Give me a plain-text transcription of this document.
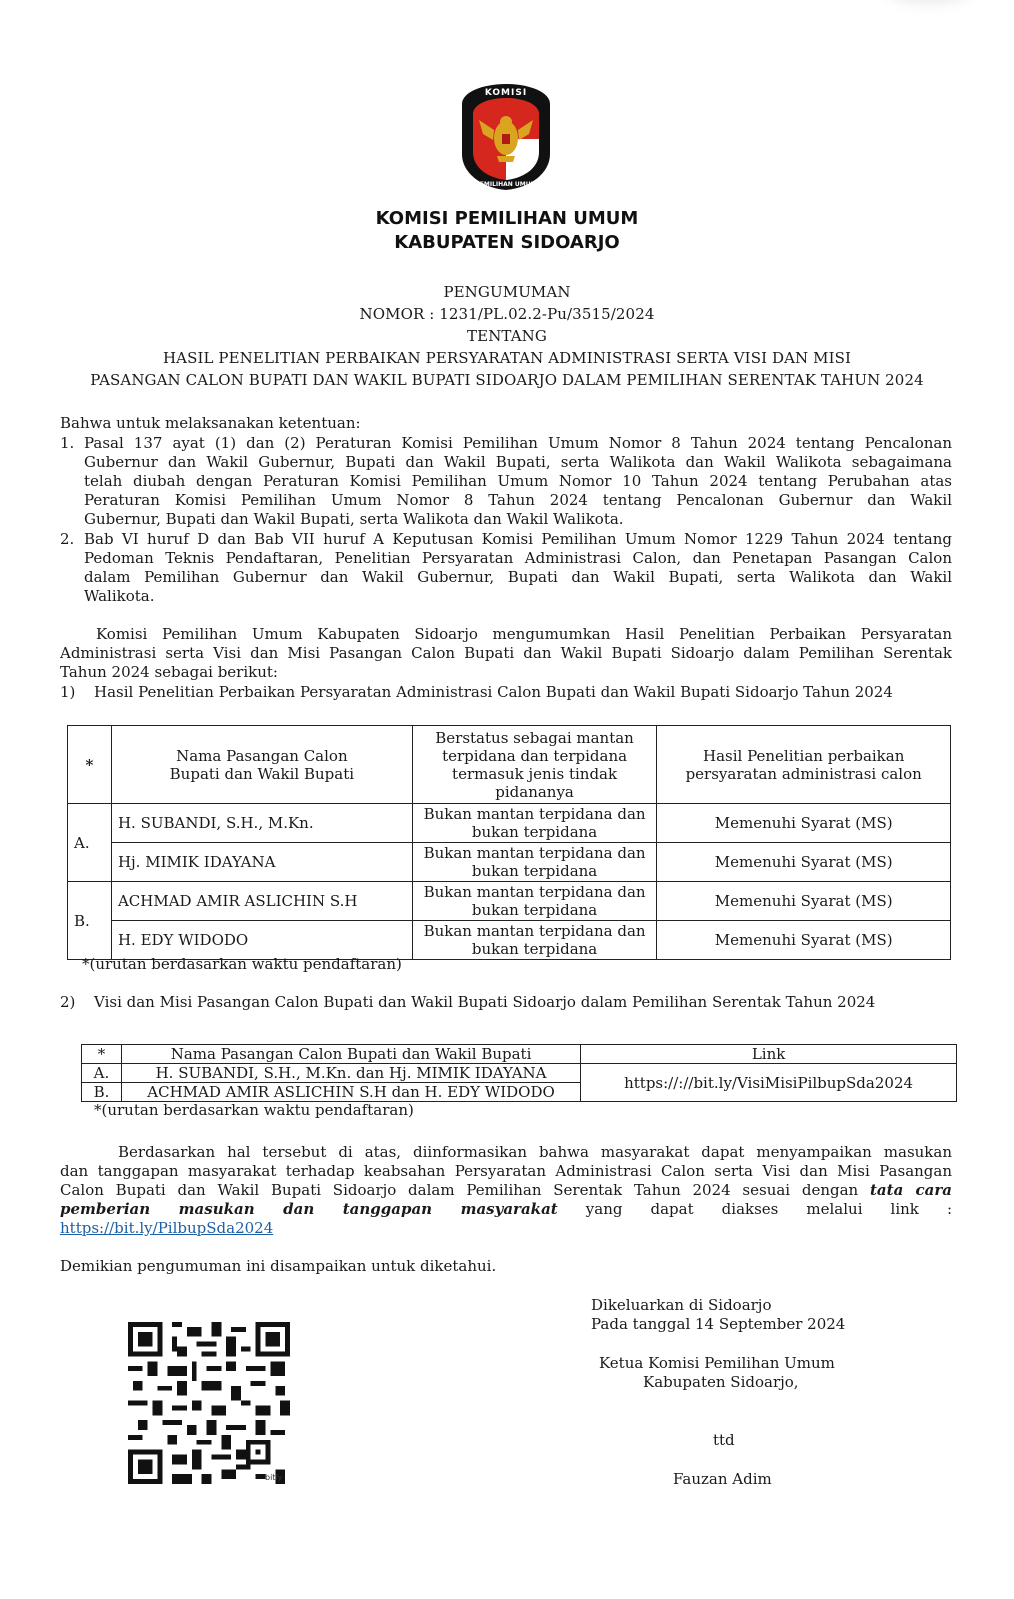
KOMISI
PEMILIHAN UMUM
KOMISI PEMILIHAN UMUM
KABUPATEN SIDOARJO
PENGUMUMAN
NOMOR : 1231/PL.02.2-Pu/3515/2024
TENTANG
HASIL PENELITIAN PERBAIKAN PERSYARATAN ADMINISTRASI SERTA VISI DAN MISI
PASANGAN CALON BUPATI DAN WAKIL BUPATI SIDOARJO DALAM PEMILIHAN SERENTAK TAHUN 2024
Bahwa untuk melaksanakan ketentuan:
1. Pasal 137 ayat (1) dan (2) Peraturan Komisi Pemilihan Umum Nomor 8 Tahun 2024 tentang Pencalonan
Gubernur dan Wakil Gubernur, Bupati dan Wakil Bupati, serta Walikota dan Wakil Walikota sebagaimana
telah diubah dengan Peraturan Komisi Pemilihan Umum Nomor 10 Tahun 2024 tentang Perubahan atas
Peraturan Komisi Pemilihan Umum Nomor 8 Tahun 2024 tentang Pencalonan Gubernur dan Wakil
Gubernur, Bupati dan Wakil Bupati, serta Walikota dan Wakil Walikota.
2. Bab VI huruf D dan Bab VII huruf A Keputusan Komisi Pemilihan Umum Nomor 1229 Tahun 2024 tentang
Pedoman Teknis Pendaftaran, Penelitian Persyaratan Administrasi Calon, dan Penetapan Pasangan Calon
dalam Pemilihan Gubernur dan Wakil Gubernur, Bupati dan Wakil Bupati, serta Walikota dan Wakil
Walikota.
Komisi Pemilihan Umum Kabupaten Sidoarjo mengumumkan Hasil Penelitian Perbaikan Persyaratan
Administrasi serta Visi dan Misi Pasangan Calon Bupati dan Wakil Bupati Sidoarjo dalam Pemilihan Serentak
Tahun 2024 sebagai berikut:
1) Hasil Penelitian Perbaikan Persyaratan Administrasi Calon Bupati dan Wakil Bupati Sidoarjo Tahun 2024
*	Nama Pasangan Calon Bupati dan Wakil Bupati	Berstatus sebagai mantan terpidana dan terpidana termasuk jenis tindak pidananya	Hasil Penelitian perbaikan persyaratan administrasi calon
A.	H. SUBANDI, S.H., M.Kn.	Bukan mantan terpidana dan bukan terpidana	Memenuhi Syarat (MS)
	Hj. MIMIK IDAYANA	Bukan mantan terpidana dan bukan terpidana	Memenuhi Syarat (MS)
B.	ACHMAD AMIR ASLICHIN S.H	Bukan mantan terpidana dan bukan terpidana	Memenuhi Syarat (MS)
	H. EDY WIDODO	Bukan mantan terpidana dan bukan terpidana	Memenuhi Syarat (MS)
*(urutan berdasarkan waktu pendaftaran)
2) Visi dan Misi Pasangan Calon Bupati dan Wakil Bupati Sidoarjo dalam Pemilihan Serentak Tahun 2024
*	Nama Pasangan Calon Bupati dan Wakil Bupati	Link
A.	H. SUBANDI, S.H., M.Kn. dan Hj. MIMIK IDAYANA	https://://bit.ly/VisiMisiPilbupSda2024
B.	ACHMAD AMIR ASLICHIN S.H dan H. EDY WIDODO	
*(urutan berdasarkan waktu pendaftaran)
Berdasarkan hal tersebut di atas, diinformasikan bahwa masyarakat dapat menyampaikan masukan
dan tanggapan masyarakat terhadap keabsahan Persyaratan Administrasi Calon serta Visi dan Misi Pasangan
Calon Bupati dan Wakil Bupati Sidoarjo dalam Pemilihan Serentak Tahun 2024 sesuai dengan tata cara
pemberian masukan dan tanggapan masyarakat yang dapat diakses melalui link :
https://bit.ly/PilbupSda2024
Demikian pengumuman ini disampaikan untuk diketahui.
Dikeluarkan di Sidoarjo
Pada tanggal 14 September 2024
Ketua Komisi Pemilihan Umum
Kabupaten Sidoarjo,
ttd
Fauzan Adim
bitly
